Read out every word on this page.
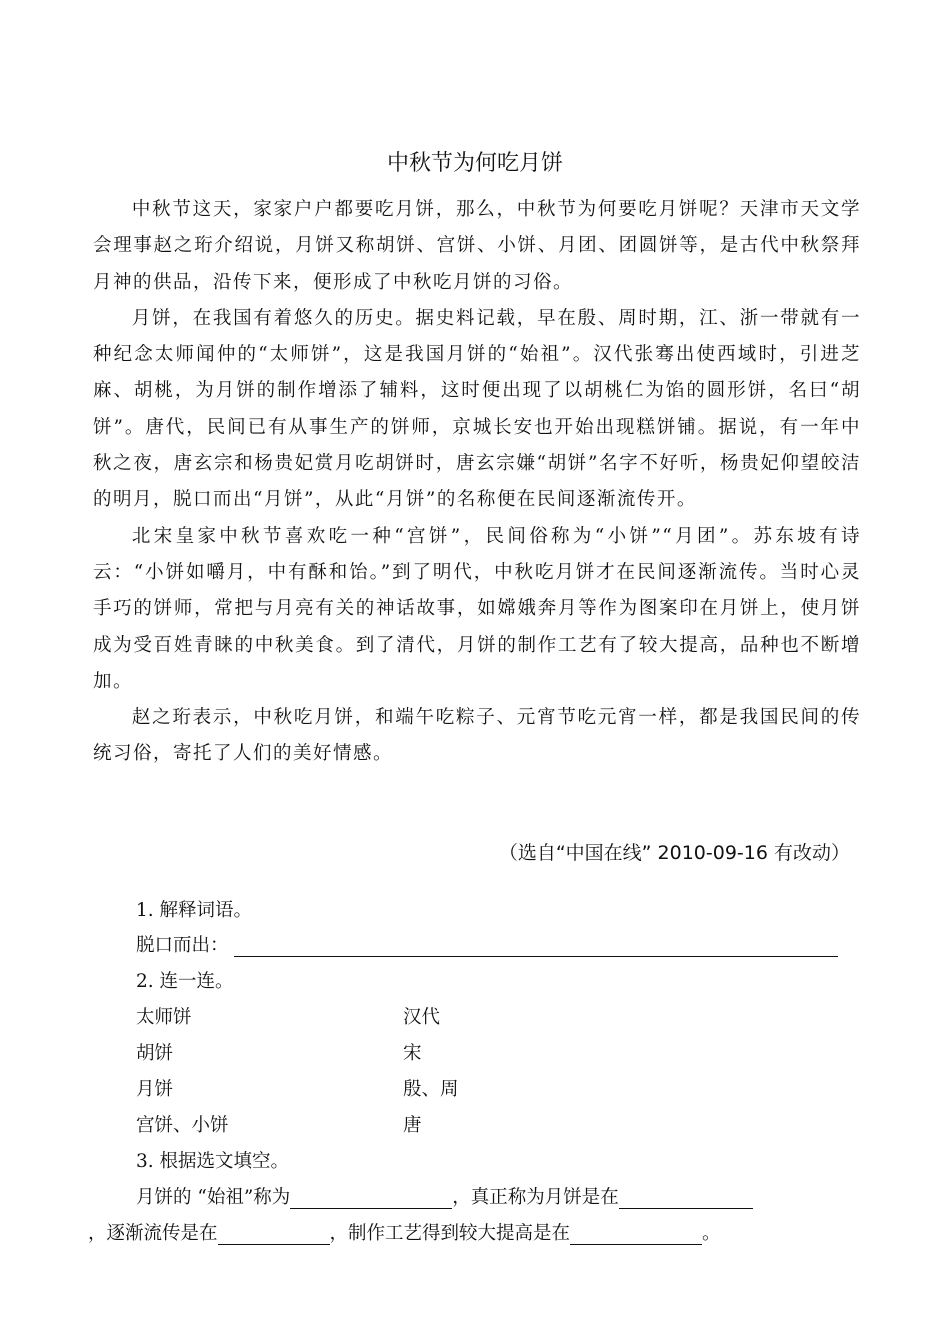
中秋节为何吃月饼

中秋节这天，家家户户都要吃月饼，那么，中秋节为何要吃月饼呢？天津市天文学会理事赵之珩介绍说，月饼又称胡饼、宫饼、小饼、月团、团圆饼等，是古代中秋祭拜月神的供品，沿传下来，便形成了中秋吃月饼的习俗。

月饼，在我国有着悠久的历史。据史料记载，早在殷、周时期，江、浙一带就有一种纪念太师闻仲的“太师饼”，这是我国月饼的“始祖”。汉代张骞出使西域时，引进芝麻、胡桃，为月饼的制作增添了辅料，这时便出现了以胡桃仁为馅的圆形饼，名曰“胡饼”。唐代，民间已有从事生产的饼师，京城长安也开始出现糕饼铺。据说，有一年中秋之夜，唐玄宗和杨贵妃赏月吃胡饼时，唐玄宗嫌“胡饼”名字不好听，杨贵妃仰望皎洁的明月，脱口而出“月饼”，从此“月饼”的名称便在民间逐渐流传开。

北宋皇家中秋节喜欢吃一种“宫饼”，民间俗称为“小饼”“月团”。苏东坡有诗云：“小饼如嚼月，中有酥和饴。”到了明代，中秋吃月饼才在民间逐渐流传。当时心灵手巧的饼师，常把与月亮有关的神话故事，如嫦娥奔月等作为图案印在月饼上，使月饼成为受百姓青睐的中秋美食。到了清代，月饼的制作工艺有了较大提高，品种也不断增加。

赵之珩表示，中秋吃月饼，和端午吃粽子、元宵节吃元宵一样，都是我国民间的传统习俗，寄托了人们的美好情感。

（选自“中国在线” 2010-09-16 有改动）
1. 解释词语。
脱口而出：
2. 连一连。
太师饼	汉代
胡饼	宋
月饼	殷、周
宫饼、小饼	唐
3. 根据选文填空。
月饼的 “始祖”称为	，真正称为月饼是在
，逐渐流传是在	，制作工艺得到较大提高是在	。
